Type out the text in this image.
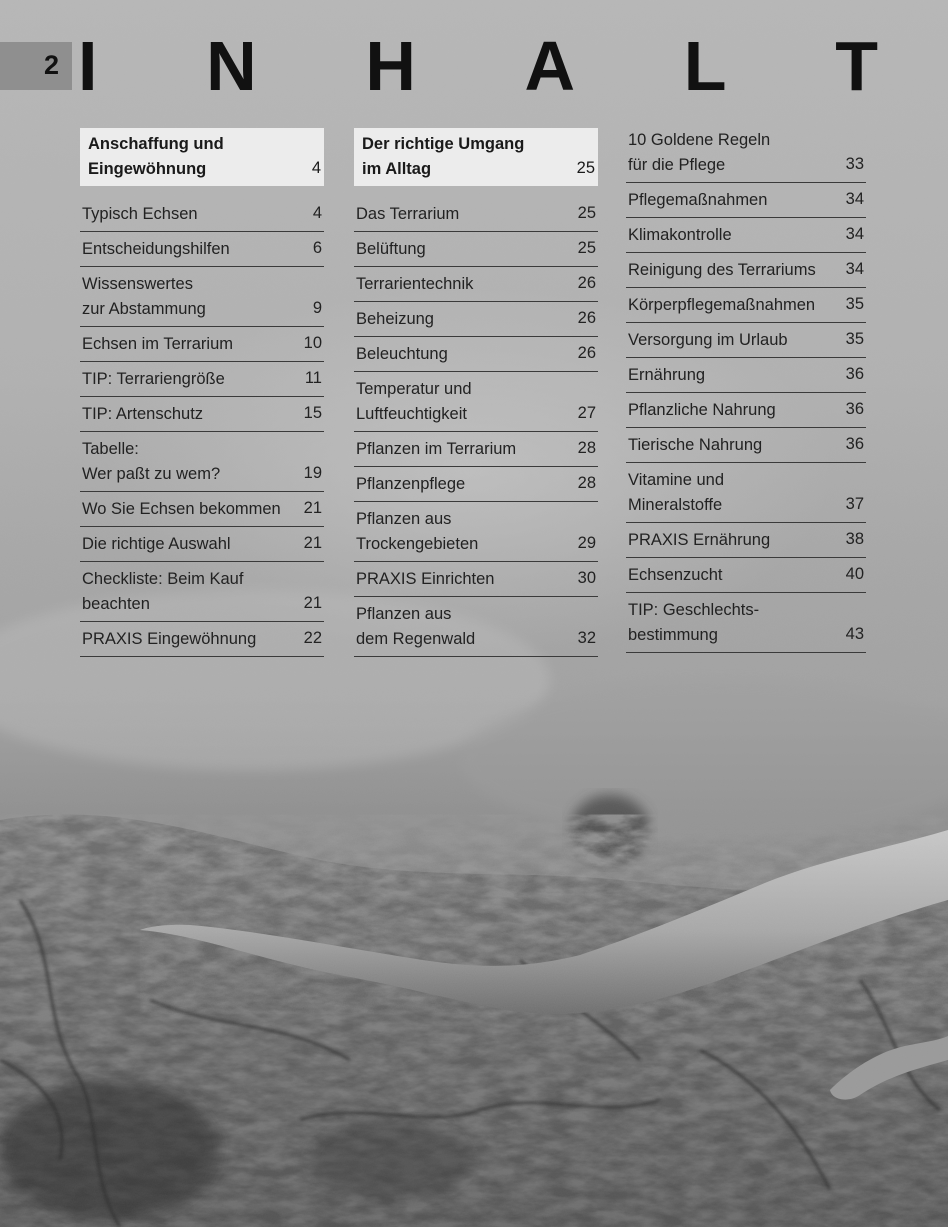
2 I N H A L T
Anschaffung und
Eingewöhnung	4
Typisch Echsen	4
Entscheidungshilfen	6
Wissenswertes
zur Abstammung	9
Echsen im Terrarium	10
TIP: Terrariengröße	11
TIP: Artenschutz	15
Tabelle:
Wer paßt zu wem?	19
Wo Sie Echsen bekommen	21
Die richtige Auswahl	21
Checkliste: Beim Kauf
beachten	21
PRAXIS Eingewöhnung	22
Der richtige Umgang
im Alltag	25
Das Terrarium	25
Belüftung	25
Terrarientechnik	26
Beheizung	26
Beleuchtung	26
Temperatur und
Luftfeuchtigkeit	27
Pflanzen im Terrarium	28
Pflanzenpflege	28
Pflanzen aus
Trockengebieten	29
PRAXIS Einrichten	30
Pflanzen aus
dem Regenwald	32
10 Goldene Regeln
für die Pflege	33
Pflegemaßnahmen	34
Klimakontrolle	34
Reinigung des Terrariums	34
Körperpflegemaßnahmen	35
Versorgung im Urlaub	35
Ernährung	36
Pflanzliche Nahrung	36
Tierische Nahrung	36
Vitamine und
Mineralstoffe	37
PRAXIS Ernährung	38
Echsenzucht	40
TIP: Geschlechts-
bestimmung	43
